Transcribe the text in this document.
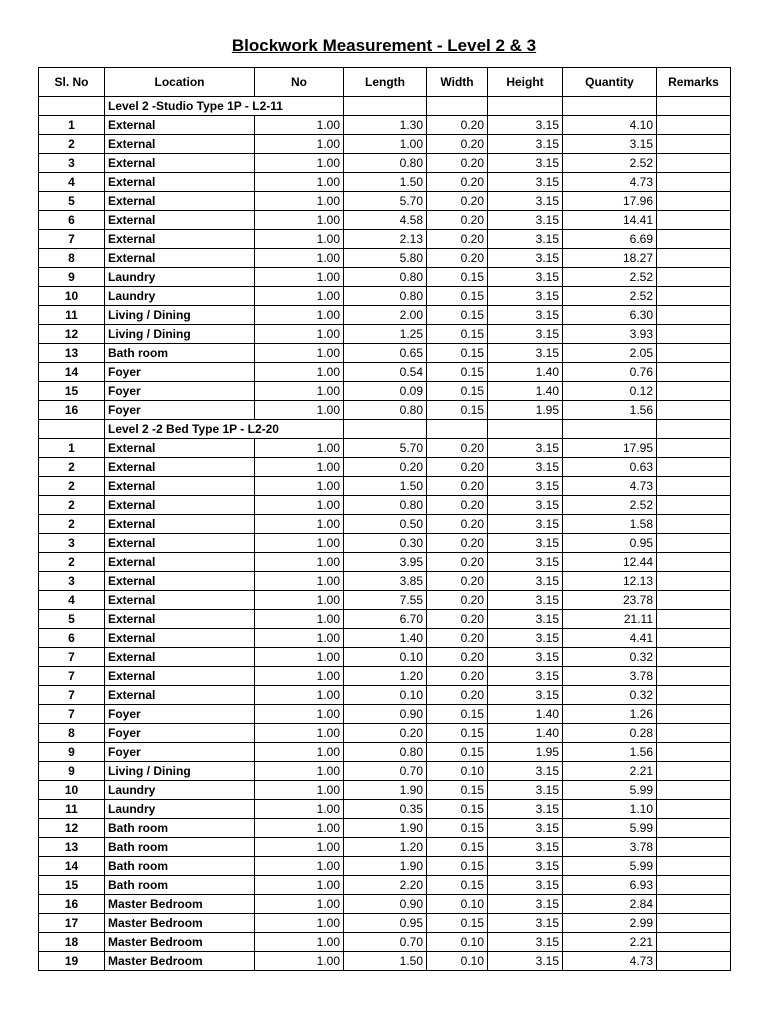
Blockwork Measurement - Level 2 & 3
Sl. No	Location	No	Length	Width	Height	Quantity	Remarks
	Level 2 -Studio Type 1P - L2-11						
1	External	1.00	1.30	0.20	3.15	4.10	
2	External	1.00	1.00	0.20	3.15	3.15	
3	External	1.00	0.80	0.20	3.15	2.52	
4	External	1.00	1.50	0.20	3.15	4.73	
5	External	1.00	5.70	0.20	3.15	17.96	
6	External	1.00	4.58	0.20	3.15	14.41	
7	External	1.00	2.13	0.20	3.15	6.69	
8	External	1.00	5.80	0.20	3.15	18.27	
9	Laundry	1.00	0.80	0.15	3.15	2.52	
10	Laundry	1.00	0.80	0.15	3.15	2.52	
11	Living / Dining	1.00	2.00	0.15	3.15	6.30	
12	Living / Dining	1.00	1.25	0.15	3.15	3.93	
13	Bath room	1.00	0.65	0.15	3.15	2.05	
14	Foyer	1.00	0.54	0.15	1.40	0.76	
15	Foyer	1.00	0.09	0.15	1.40	0.12	
16	Foyer	1.00	0.80	0.15	1.95	1.56	
	Level 2 -2 Bed Type 1P - L2-20						
1	External	1.00	5.70	0.20	3.15	17.95	
2	External	1.00	0.20	0.20	3.15	0.63	
2	External	1.00	1.50	0.20	3.15	4.73	
2	External	1.00	0.80	0.20	3.15	2.52	
2	External	1.00	0.50	0.20	3.15	1.58	
3	External	1.00	0.30	0.20	3.15	0.95	
2	External	1.00	3.95	0.20	3.15	12.44	
3	External	1.00	3.85	0.20	3.15	12.13	
4	External	1.00	7.55	0.20	3.15	23.78	
5	External	1.00	6.70	0.20	3.15	21.11	
6	External	1.00	1.40	0.20	3.15	4.41	
7	External	1.00	0.10	0.20	3.15	0.32	
7	External	1.00	1.20	0.20	3.15	3.78	
7	External	1.00	0.10	0.20	3.15	0.32	
7	Foyer	1.00	0.90	0.15	1.40	1.26	
8	Foyer	1.00	0.20	0.15	1.40	0.28	
9	Foyer	1.00	0.80	0.15	1.95	1.56	
9	Living / Dining	1.00	0.70	0.10	3.15	2.21	
10	Laundry	1.00	1.90	0.15	3.15	5.99	
11	Laundry	1.00	0.35	0.15	3.15	1.10	
12	Bath room	1.00	1.90	0.15	3.15	5.99	
13	Bath room	1.00	1.20	0.15	3.15	3.78	
14	Bath room	1.00	1.90	0.15	3.15	5.99	
15	Bath room	1.00	2.20	0.15	3.15	6.93	
16	Master Bedroom	1.00	0.90	0.10	3.15	2.84	
17	Master Bedroom	1.00	0.95	0.15	3.15	2.99	
18	Master Bedroom	1.00	0.70	0.10	3.15	2.21	
19	Master Bedroom	1.00	1.50	0.10	3.15	4.73	
